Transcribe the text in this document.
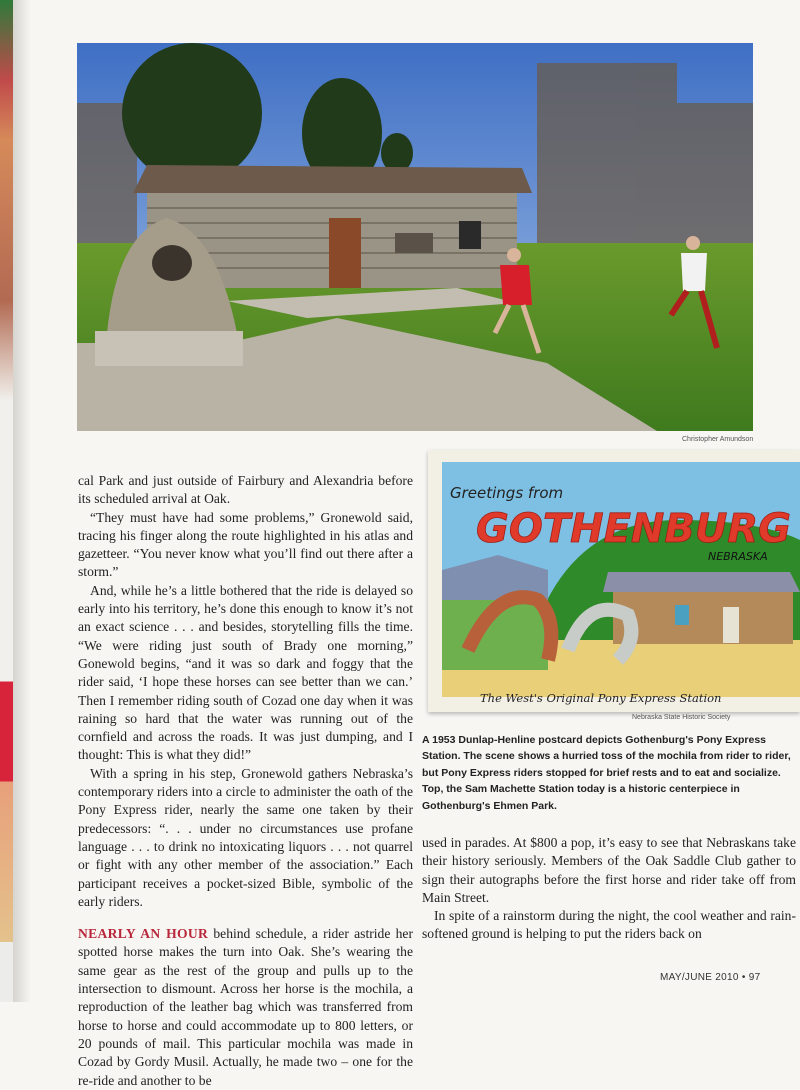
Christopher Amundson
Greetings from
GOTHENBURG
NEBRASKA
The West's Original Pony Express Station
Nebraska State Historic Society

cal Park and just outside of Fairbury and Alexandria before its scheduled arrival at Oak.

“They must have had some problems,” Gronewold said, tracing his finger along the route highlighted in his atlas and gazetteer. “You never know what you’ll find out there after a storm.”

And, while he’s a little bothered that the ride is delayed so early into his territory, he’s done this enough to know it’s not an exact science . . . and besides, storytelling fills the time. “We were riding just south of Brady one morning,” Gonewold begins, “and it was so dark and foggy that the rider said, ‘I hope these horses can see better than we can.’ Then I remember riding south of Cozad one day when it was raining so hard that the water was running out of the cornfield and across the roads. It was just dumping, and I thought: This is what they did!”

With a spring in his step, Gronewold gathers Nebraska’s contemporary riders into a circle to administer the oath of the Pony Express rider, nearly the same one taken by their predecessors: “. . . under no circumstances use profane language . . . to drink no intoxicating liquors . . . not quarrel or fight with any other member of the association.” Each participant receives a pocket-sized Bible, symbolic of the early riders.

NEARLY AN HOUR behind schedule, a rider astride her spotted horse makes the turn into Oak. She’s wearing the same gear as the rest of the group and pulls up to the intersection to dismount. Across her horse is the mochila, a reproduction of the leather bag which was transferred from horse to horse and could accommodate up to 800 letters, or 20 pounds of mail. This particular mochila was made in Cozad by Gordy Musil. Actually, he made two – one for the re-ride and another to be

A 1953 Dunlap-Henline postcard depicts Gothenburg's Pony Express Station. The scene shows a hurried toss of the mochila from rider to rider, but Pony Express riders stopped for brief rests and to eat and socialize. Top, the Sam Machette Station today is a historic centerpiece in Gothenburg's Ehmen Park.

used in parades. At $800 a pop, it’s easy to see that Nebraskans take their history seriously. Members of the Oak Saddle Club gather to sign their autographs before the first horse and rider take off from Main Street.

In spite of a rainstorm during the night, the cool weather and rain-softened ground is helping to put the riders back on

MAY/JUNE 2010 • 97
